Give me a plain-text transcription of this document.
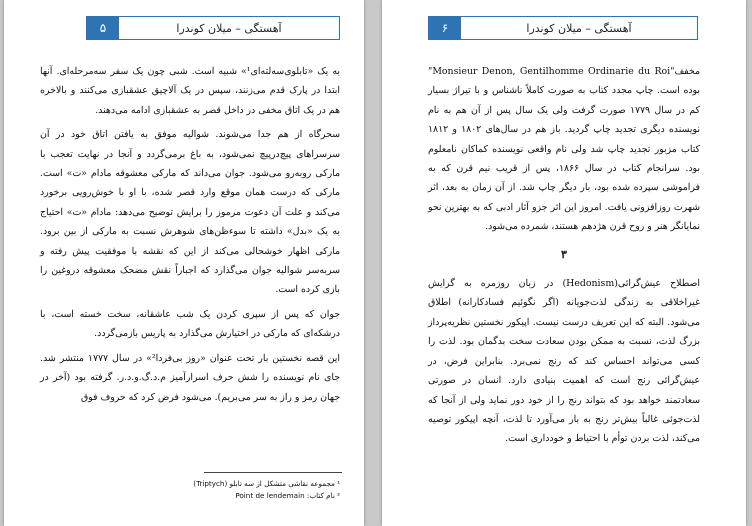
۵	آهستگی – میلان کوندرا

به یک «تابلوی‌سه‌لته‌ای¹» شبیه است. شبی چون یک سفر سه‌مرحله‌ای. آنها ابتدا در پارک قدم می‌زنند، سپس در یک آلاچیق عشقبازی می‌کنند و بالاخره هم در یک اتاق مخفی در داخل قصر به عشقبازی ادامه می‌دهند.

سحرگاه از هم جدا می‌شوند. شوالیه موفق به یافتن اتاق خود در آن سرسراهای پیچ‌درپیچ نمی‌شود، به باغ برمی‌گردد و آنجا در نهایت تعجب با مارکی روبه‌رو می‌شود. جوان می‌داند که مارکی معشوقه مادام «ت» است. مارکی که درست همان موقع وارد قصر شده، با او با خوش‌رویی برخورد می‌کند و علت آن دعوت مرموز را برایش توضیح می‌دهد: مادام «ت» احتیاج به یک «بدل» داشته تا سوءظن‌های شوهرش نسبت به مارکی از بین برود. مارکی اظهار خوشحالی می‌کند از این که نقشه با موفقیت پیش رفته و سربه‌سر شوالیه جوان می‌گذارد که اجباراً نقش مضحک معشوقه دروغین را بازی کرده است.

جوان که پس از سپری کردن یک شب عاشقانه، سخت خسته است، با درشکه‌ای که مارکی در اختیارش می‌گذارد به پاریس بازمی‌گردد.

این قصه نخستین بار تحت عنوان «روز بی‌فردا²» در سال ۱۷۷۷ منتشر شد. جای نام نویسنده را شش حرف اسرارآمیز م.د.گ.و.د.ر. گرفته بود (آخر در جهان رمز و راز به سر می‌بریم). می‌شود فرض کرد که حروف فوق

¹ مجموعه نقاشی متشکل از سه تابلو (Triptych)
² نام کتاب: Point de lendemain
۶	آهستگی – میلان کوندرا

مخفف"Monsieur Denon, Gentilhomme Ordinarie du Roi" بوده است. چاپ مجدد کتاب به صورت کاملاً ناشناس و با تیراژ بسیار کم در سال ۱۷۷۹ صورت گرفت ولی یک سال پس از آن هم به نام نویسنده دیگری تجدید چاپ گردید. باز هم در سال‌های ۱۸۰۲ و ۱۸۱۲ کتاب مزبور تجدید چاپ شد ولی نام واقعی نویسنده کماکان نامعلوم بود. سرانجام کتاب در سال ۱۸۶۶، پس از قریب نیم قرن که به فراموشی سپرده شده بود، بار دیگر چاپ شد. از آن زمان به بعد، اثر شهرت روزافزونی یافت. امروز این اثر جزو آثار ادبی که به بهترین نحو نمایانگر هنر و روح قرن هژدهم هستند، شمرده می‌شود.

۳

اصطلاح عیش‌گرائی(Hedonism) در زبان روزمره به گرایش غیراخلاقی به زندگی لذت‌جویانه (اگر نگوئیم فسادکارانه) اطلاق می‌شود. البته که این تعریف درست نیست. اپیکور نخستین نظریه‌پرداز بزرگ لذت، نسبت به ممکن بودن سعادت سخت بدگمان بود. لذت را کسی می‌تواند احساس کند که رنج نمی‌برد. بنابراین فرض، در عیش‌گرائی رنج است که اهمیت بنیادی دارد. انسان در صورتی سعادتمند خواهد بود که بتواند رنج را از خود دور نماید ولی از آنجا که لذت‌جوئی غالباً بیش‌تر رنج به بار می‌آورد تا لذت، آنچه اپیکور توصیه می‌کند، لذت بردن توأم با احتیاط و خودداری است.
